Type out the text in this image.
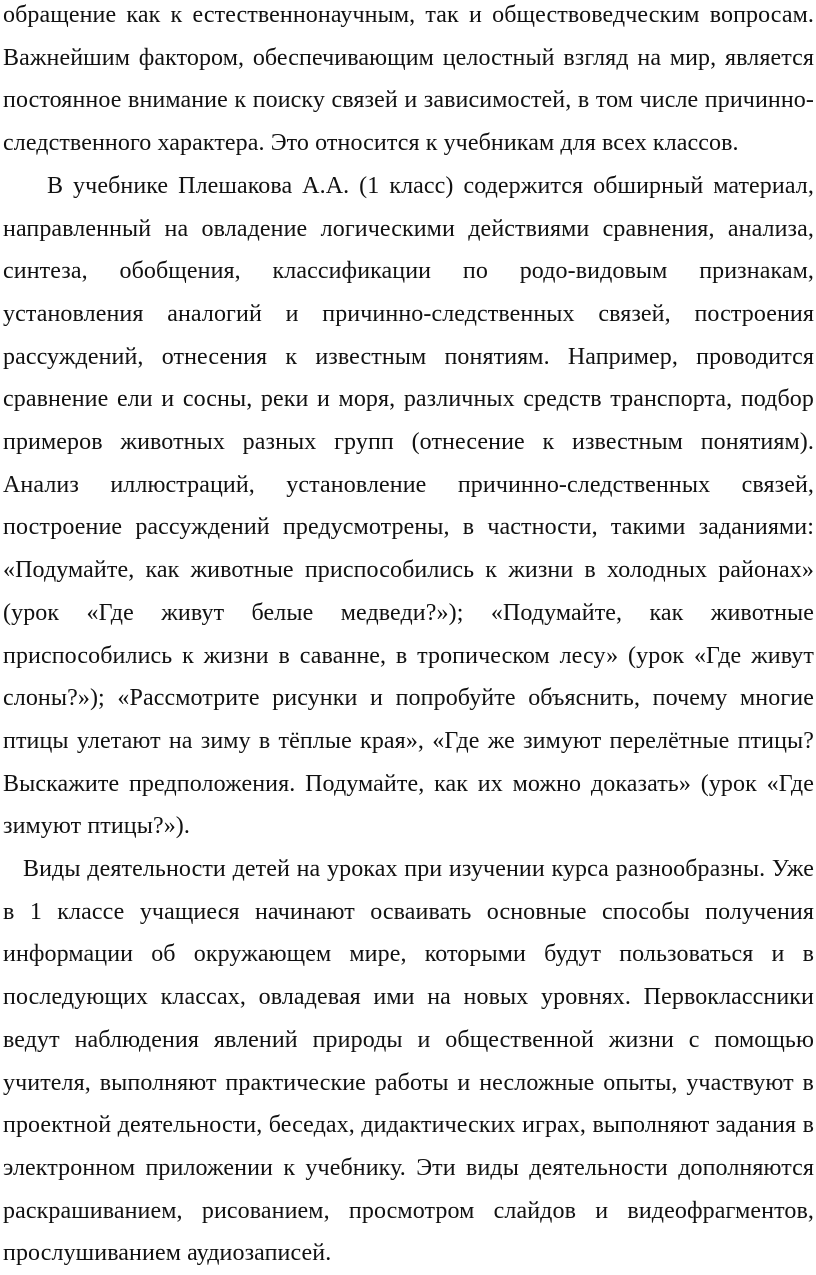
обращение как к естественнонаучным, так и обществоведческим вопросам. Важнейшим фактором, обеспечивающим целостный взгляд на мир, является постоянное внимание к поиску связей и зависимостей, в том числе причинно-следственного характера. Это относится к учебникам для всех классов.

В учебнике Плешакова А.А. (1 класс) содержится обширный материал, направленный на овладение логическими действиями сравнения, анализа, синтеза, обобщения, классификации по родо-видовым признакам, установления аналогий и причинно-следственных связей, построения рассуждений, отнесения к известным понятиям. Например, проводится сравнение ели и сосны, реки и моря, различных средств транспорта, подбор примеров животных разных групп (отнесение к известным понятиям). Анализ иллюстраций, установление причинно-следственных связей, построение рассуждений предусмотрены, в частности, такими заданиями: «Подумайте, как животные приспособились к жизни в холодных районах» (урок «Где живут белые медведи?»); «Подумайте, как животные приспособились к жизни в саванне, в тропическом лесу» (урок «Где живут слоны?»); «Рассмотрите рисунки и попробуйте объяснить, почему многие птицы улетают на зиму в тёплые края», «Где же зимуют перелётные птицы? Выскажите предположения. Подумайте, как их можно доказать» (урок «Где зимуют птицы?»).

Виды деятельности детей на уроках при изучении курса разнообразны. Уже в 1 классе учащиеся начинают осваивать основные способы получения информации об окружающем мире, которыми будут пользоваться и в последующих классах, овладевая ими на новых уровнях. Первоклассники ведут наблюдения явлений природы и общественной жизни с помощью учителя, выполняют практические работы и несложные опыты, участвуют в проектной деятельности, беседах, дидактических играх, выполняют задания в электронном приложении к учебнику. Эти виды деятельности дополняются раскрашиванием, рисованием, просмотром слайдов и видеофрагментов, прослушиванием аудиозаписей.
